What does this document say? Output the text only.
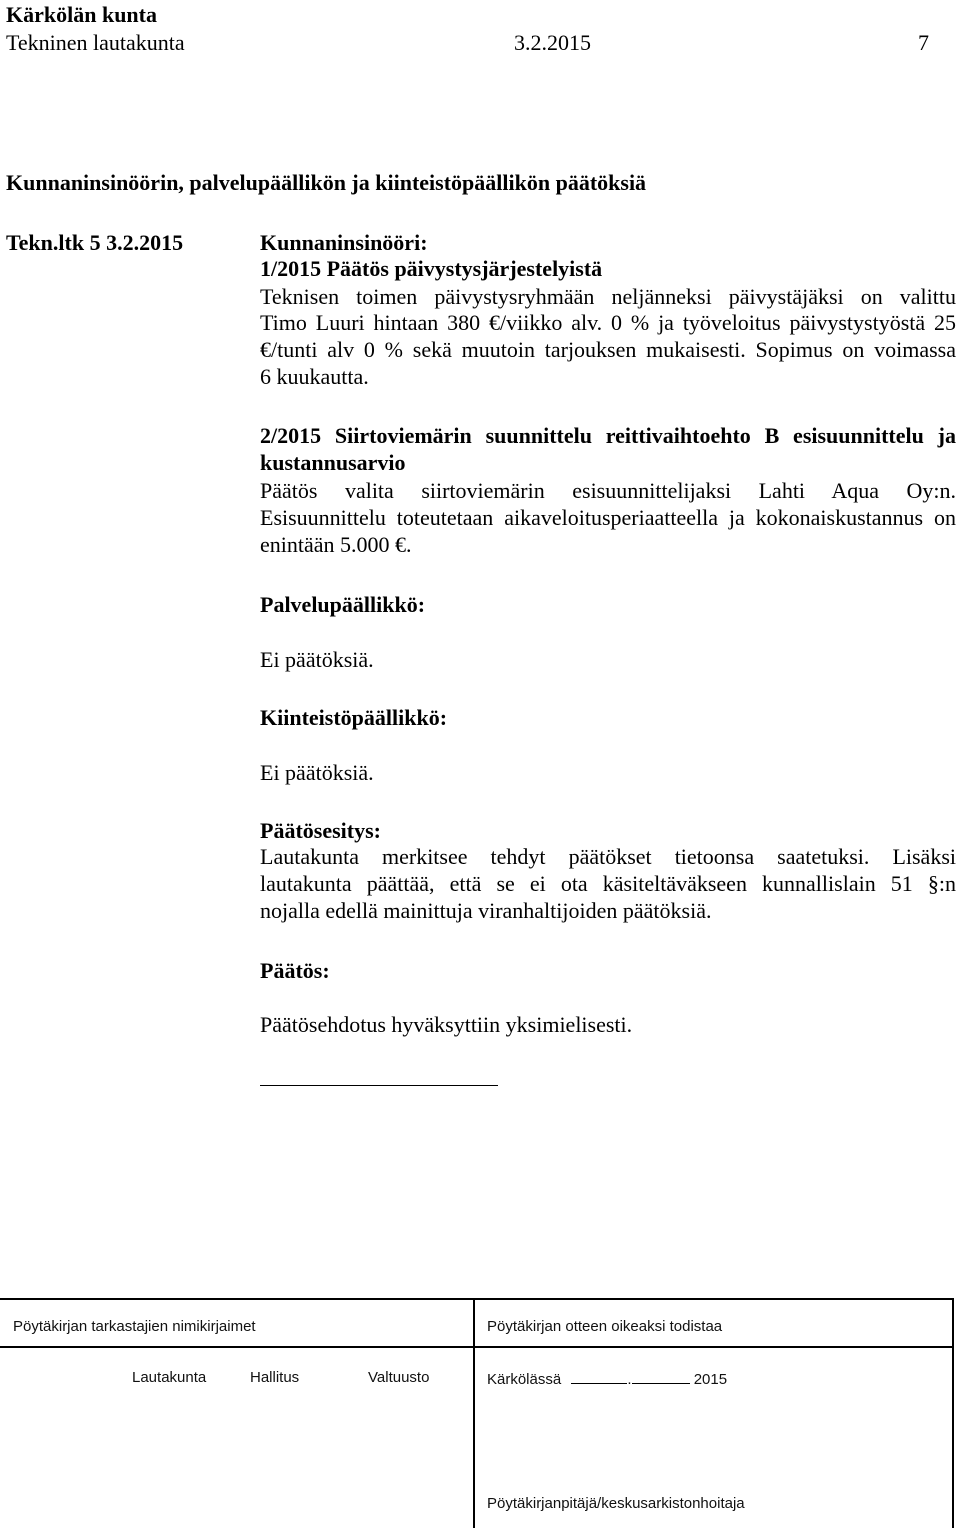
Kärkölän kunta
Tekninen lautakunta	3.2.2015	7
Kunnaninsinöörin, palvelupäällikön ja kiinteistöpäällikön päätöksiä
Tekn.ltk 5 3.2.2015	Kunnaninsinööri:
1/2015 Päätös päivystysjärjestelyistä
Teknisen toimen päivystysryhmään neljänneksi päivystäjäksi on valittu
Timo Luuri hintaan 380 €/viikko alv. 0 % ja työveloitus päivystystyöstä 25
€/tunti alv 0 % sekä muutoin tarjouksen mukaisesti. Sopimus on voimassa
6 kuukautta.
2/2015 Siirtoviemärin suunnittelu reittivaihtoehto B esisuunnittelu ja
kustannusarvio
Päätös valita siirtoviemärin esisuunnittelijaksi Lahti Aqua Oy:n.
Esisuunnittelu toteutetaan aikaveloitusperiaatteella ja kokonaiskustannus on
enintään 5.000 €.
Palvelupäällikkö:
Ei päätöksiä.
Kiinteistöpäällikkö:
Ei päätöksiä.
Päätösesitys:
Lautakunta merkitsee tehdyt päätökset tietoonsa saatetuksi. Lisäksi
lautakunta päättää, että se ei ota käsiteltäväkseen kunnallislain 51 §:n
nojalla edellä mainittuja viranhaltijoiden päätöksiä.
Päätös:
Päätösehdotus hyväksyttiin yksimielisesti.
Pöytäkirjan tarkastajien nimikirjaimet	Pöytäkirjan otteen oikeaksi todistaa
Lautakunta	Hallitus	Valtuusto	Kärkölässä	.	2015
Pöytäkirjanpitäjä/keskusarkistonhoitaja
